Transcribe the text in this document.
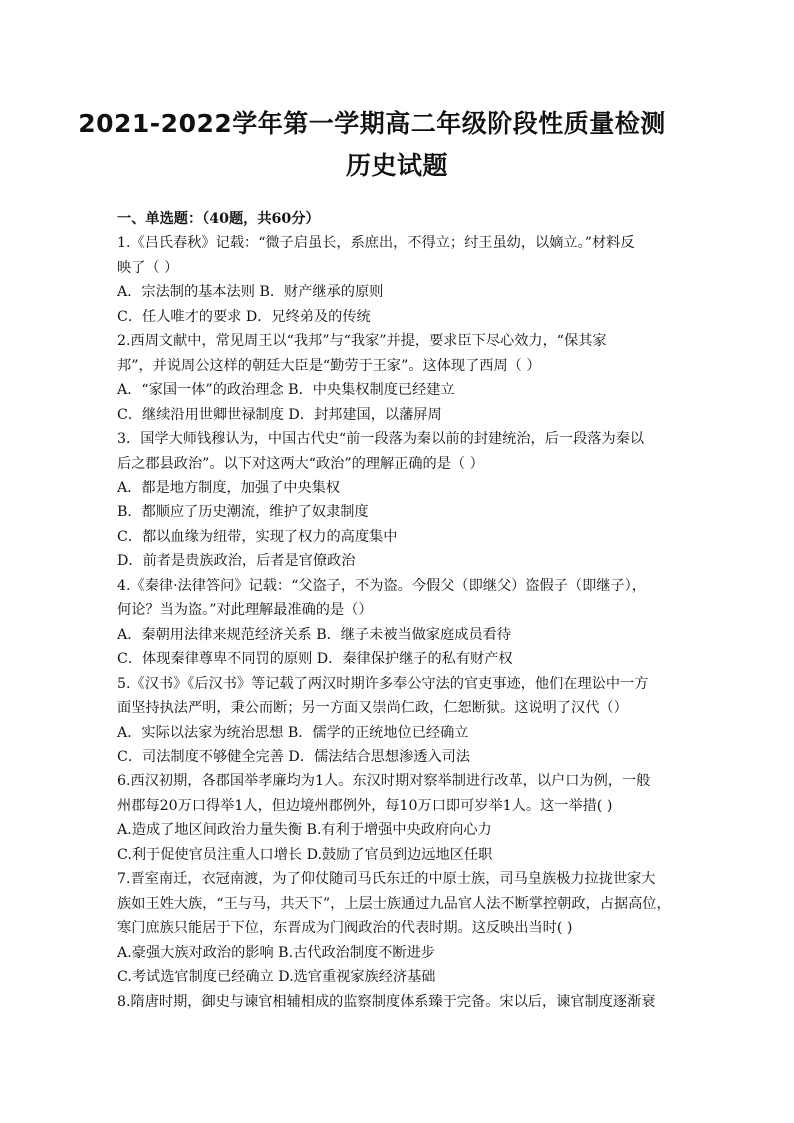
2021-2022学年第一学期高二年级阶段性质量检测
历史试题
一、单选题：（40题，共60分）
1.《吕氏春秋》记载：“微子启虽长，系庶出，不得立；纣王虽幼，以嫡立。”材料反
映了（ ）
A．宗法制的基本法则 B．财产继承的原则
C．任人唯才的要求 D．兄终弟及的传统
2.西周文献中，常见周王以“我邦”与“我家”并提，要求臣下尽心效力，“保其家
邦”，并说周公这样的朝廷大臣是“勤劳于王家”。这体现了西周（ ）
A．“家国一体”的政治理念 B．中央集权制度已经建立
C．继续沿用世卿世禄制度 D．封邦建国，以藩屏周
3．国学大师钱穆认为，中国古代史“前一段落为秦以前的封建统治，后一段落为秦以
后之郡县政治”。以下对这两大“政治”的理解正确的是（ ）
A．都是地方制度，加强了中央集权
B．都顺应了历史潮流，维护了奴隶制度
C．都以血缘为纽带，实现了权力的高度集中
D．前者是贵族政治，后者是官僚政治
4.《秦律·法律答问》记载：“父盗子，不为盗。今假父（即继父）盗假子（即继子），
何论？当为盗。”对此理解最准确的是（）
A．秦朝用法律来规范经济关系 B．继子未被当做家庭成员看待
C．体现秦律尊卑不同罚的原则 D．秦律保护继子的私有财产权
5.《汉书》《后汉书》等记载了两汉时期许多奉公守法的官吏事迹，他们在理讼中一方
面坚持执法严明，秉公而断；另一方面又崇尚仁政，仁恕断狱。这说明了汉代（）
A．实际以法家为统治思想 B．儒学的正统地位已经确立
C．司法制度不够健全完善 D．儒法结合思想渗透入司法
6.西汉初期，各郡国举孝廉均为1人。东汉时期对察举制进行改革，以户口为例，一般
州郡每20万口得举1人，但边境州郡例外，每10万口即可岁举1人。这一举措( )
A.造成了地区间政治力量失衡 B.有利于增强中央政府向心力
C.利于促使官员注重人口增长 D.鼓励了官员到边远地区任职
7.晋室南迁，衣冠南渡，为了仰仗随司马氏东迁的中原士族，司马皇族极力拉拢世家大
族如王姓大族，“王与马，共天下”，上层士族通过九品官人法不断掌控朝政，占据高位，
寒门庶族只能居于下位，东晋成为门阀政治的代表时期。这反映出当时( )
A.豪强大族对政治的影响 B.古代政治制度不断进步
C.考试选官制度已经确立 D.选官重视家族经济基础
8.隋唐时期，御史与谏官相辅相成的监察制度体系臻于完备。宋以后，谏官制度逐渐衰
